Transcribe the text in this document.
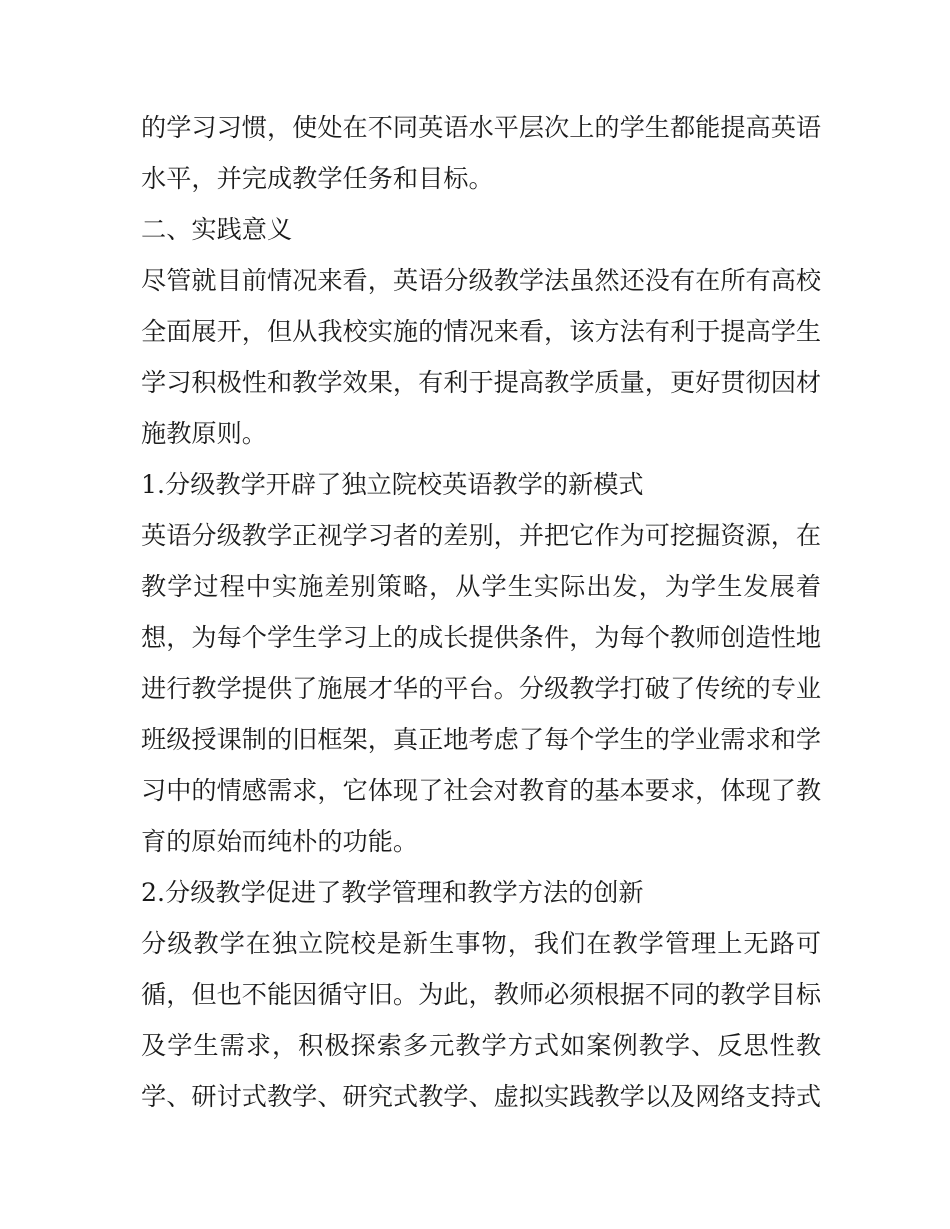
的学习习惯，使处在不同英语水平层次上的学生都能提高英语
水平，并完成教学任务和目标。
二、实践意义
尽管就目前情况来看，英语分级教学法虽然还没有在所有高校
全面展开，但从我校实施的情况来看，该方法有利于提高学生
学习积极性和教学效果，有利于提高教学质量，更好贯彻因材
施教原则。
1.分级教学开辟了独立院校英语教学的新模式
英语分级教学正视学习者的差别，并把它作为可挖掘资源，在
教学过程中实施差别策略，从学生实际出发，为学生发展着
想，为每个学生学习上的成长提供条件，为每个教师创造性地
进行教学提供了施展才华的平台。分级教学打破了传统的专业
班级授课制的旧框架，真正地考虑了每个学生的学业需求和学
习中的情感需求，它体现了社会对教育的基本要求，体现了教
育的原始而纯朴的功能。
2.分级教学促进了教学管理和教学方法的创新
分级教学在独立院校是新生事物，我们在教学管理上无路可
循，但也不能因循守旧。为此，教师必须根据不同的教学目标
及学生需求，积极探索多元教学方式如案例教学、反思性教
学、研讨式教学、研究式教学、虚拟实践教学以及网络支持式
